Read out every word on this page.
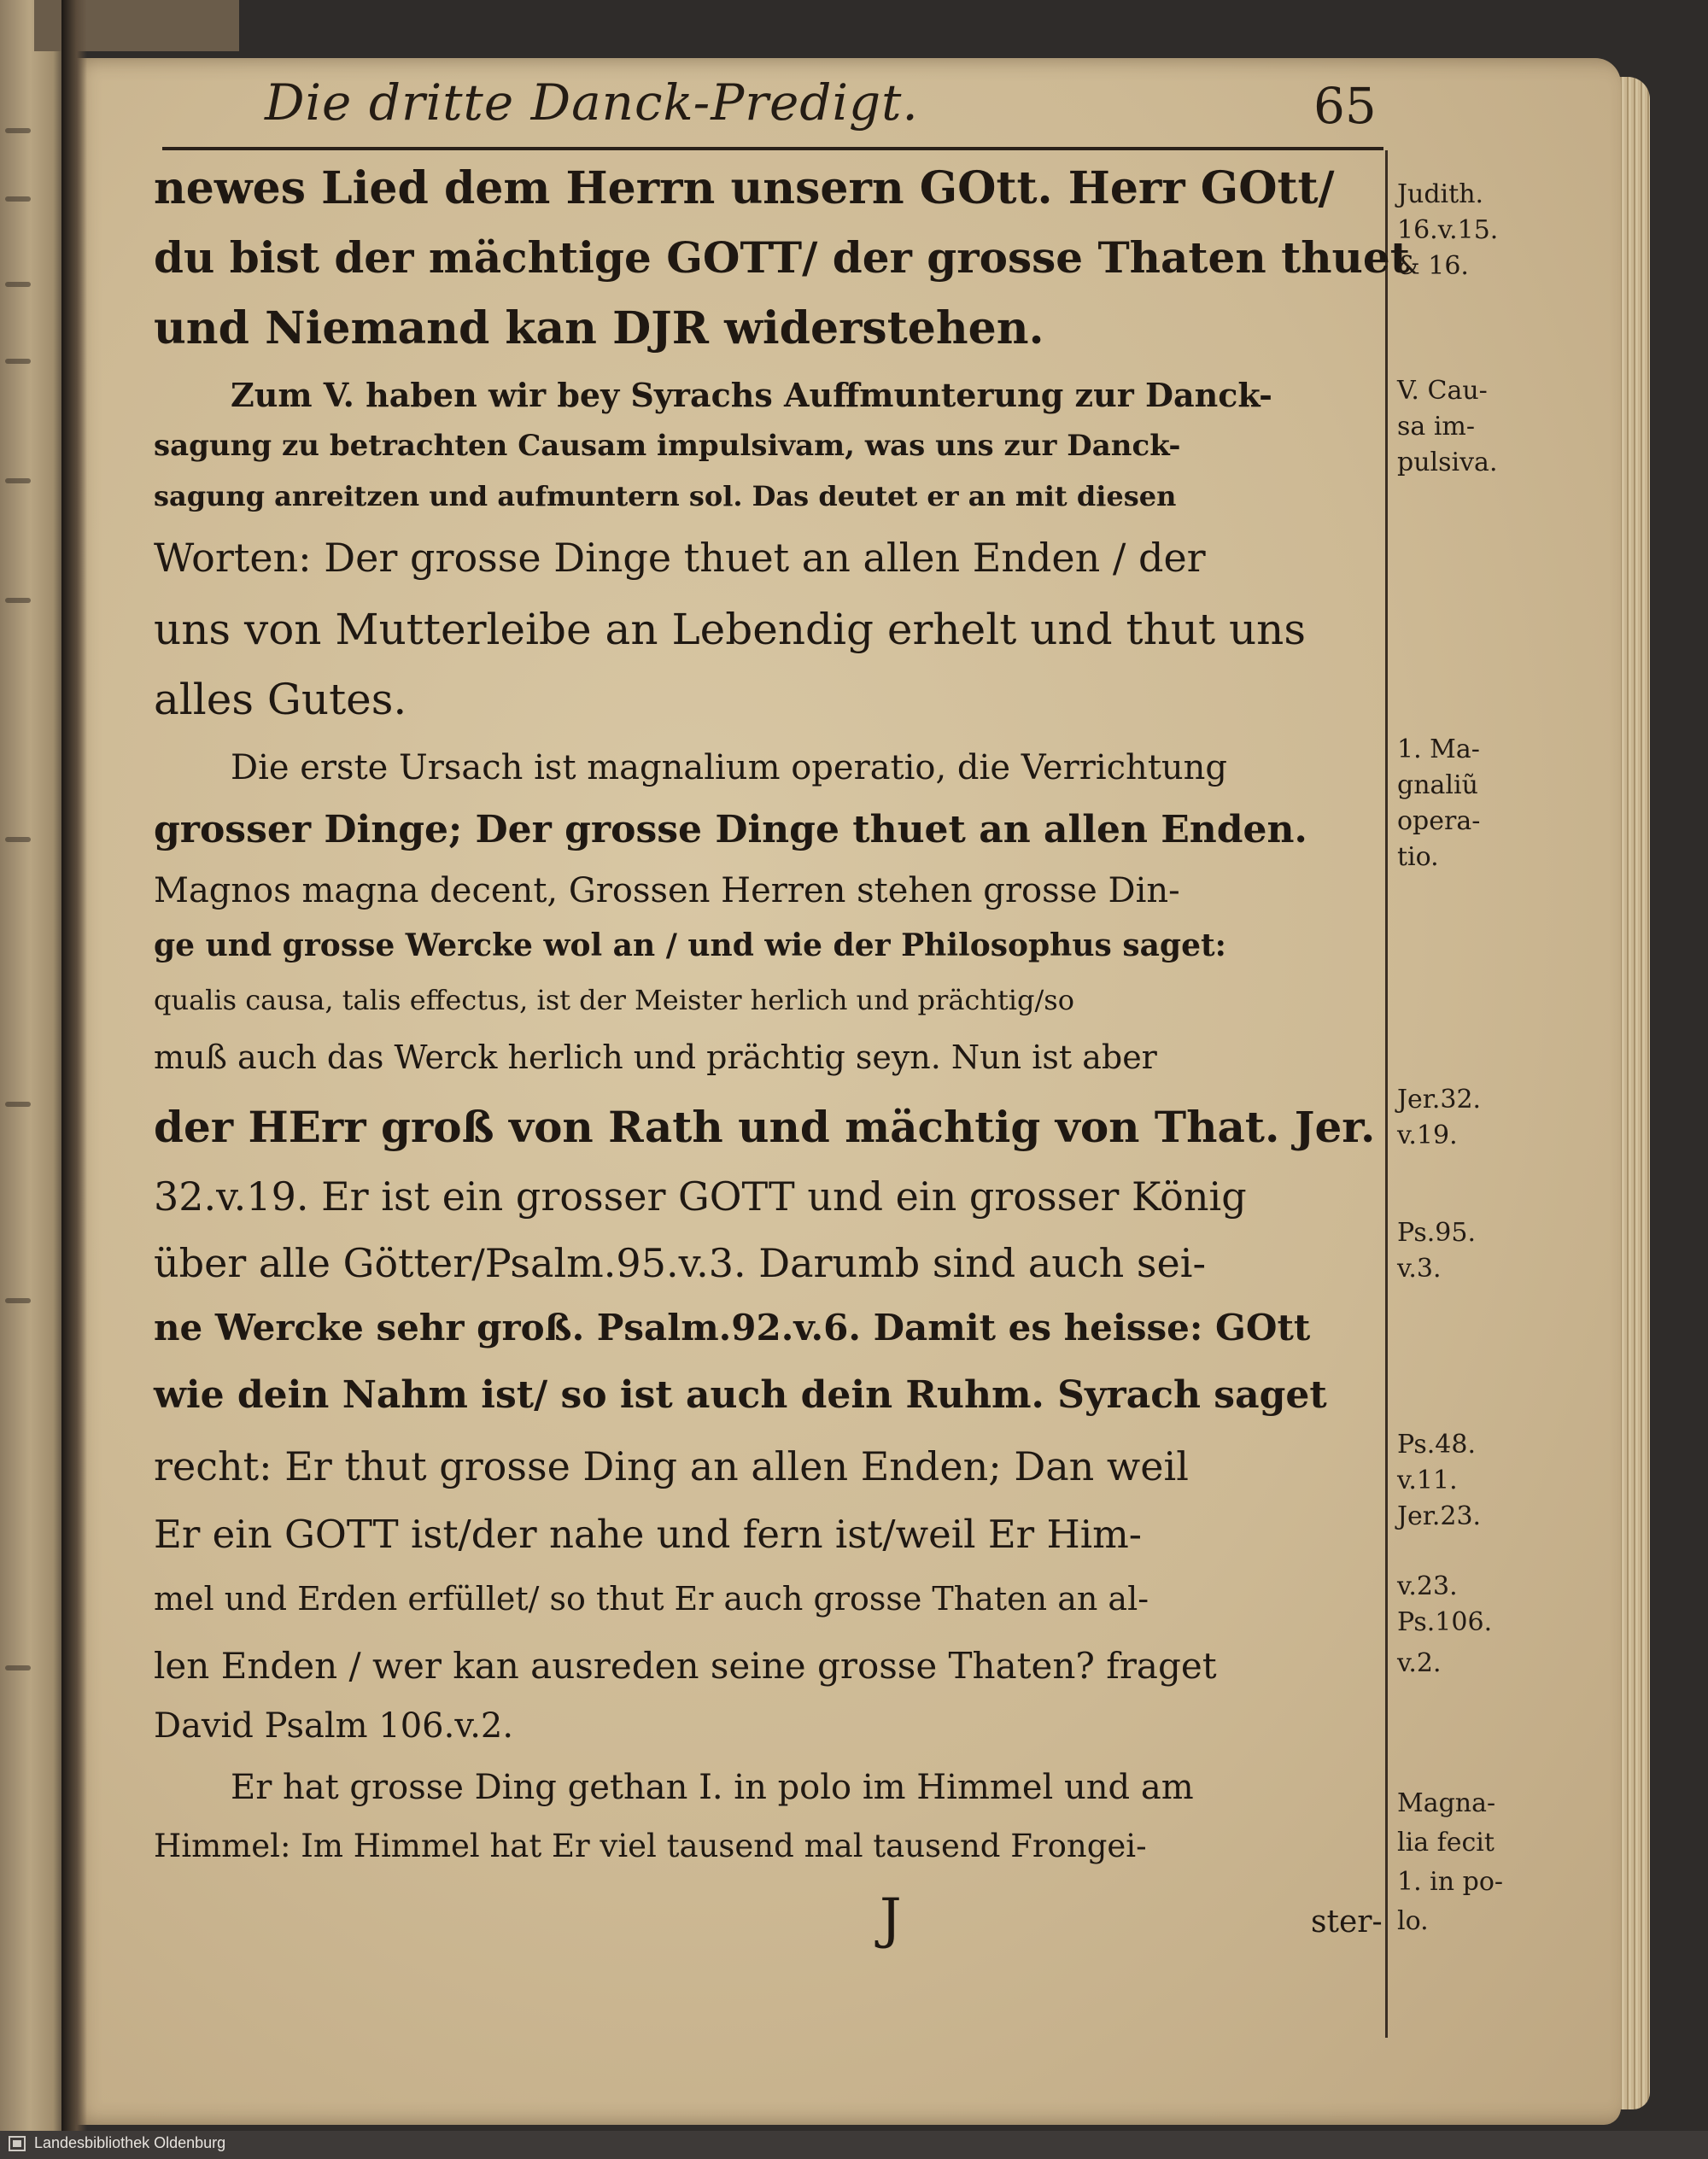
Die dritte Danck-Predigt.	65
newes Lied dem Herrn unsern GOtt. Herr GOtt/
du bist der mächtige GOTT/ der grosse Thaten thuet
und Niemand kan DJR widerstehen.
Zum V. haben wir bey Syrachs Auffmunterung zur Danck-
sagung zu betrachten Causam impulsivam, was uns zur Danck-
sagung anreitzen und aufmuntern sol. Das deutet er an mit diesen
Worten: Der grosse Dinge thuet an allen Enden / der
uns von Mutterleibe an Lebendig erhelt und thut uns
alles Gutes.
Die erste Ursach ist magnalium operatio, die Verrichtung
grosser Dinge; Der grosse Dinge thuet an allen Enden.
Magnos magna decent, Grossen Herren stehen grosse Din-
ge und grosse Wercke wol an / und wie der Philosophus saget:
qualis causa, talis effectus, ist der Meister herlich und prächtig/so
muß auch das Werck herlich und prächtig seyn. Nun ist aber
der HErr groß von Rath und mächtig von That. Jer.
32.v.19. Er ist ein grosser GOTT und ein grosser König
über alle Götter/Psalm.95.v.3. Darumb sind auch sei-
ne Wercke sehr groß. Psalm.92.v.6. Damit es heisse: GOtt
wie dein Nahm ist/ so ist auch dein Ruhm. Syrach saget
recht: Er thut grosse Ding an allen Enden; Dan weil
Er ein GOTT ist/der nahe und fern ist/weil Er Him-
mel und Erden erfüllet/ so thut Er auch grosse Thaten an al-
len Enden / wer kan ausreden seine grosse Thaten? fraget
David Psalm 106.v.2.
Er hat grosse Ding gethan I. in polo im Himmel und am
Himmel: Im Himmel hat Er viel tausend mal tausend Frongei-
J	ster-
Judith.
16.v.15.
& 16.
V. Cau-
sa im-
pulsiva.
1. Ma-
gnaliũ
opera-
tio.
Jer.32.
v.19.
Ps.95.
v.3.
Ps.48.
v.11.
Jer.23.
v.23.
Ps.106.
v.2.
Magna-
lia fecit
1. in po-
lo.
Landesbibliothek Oldenburg
